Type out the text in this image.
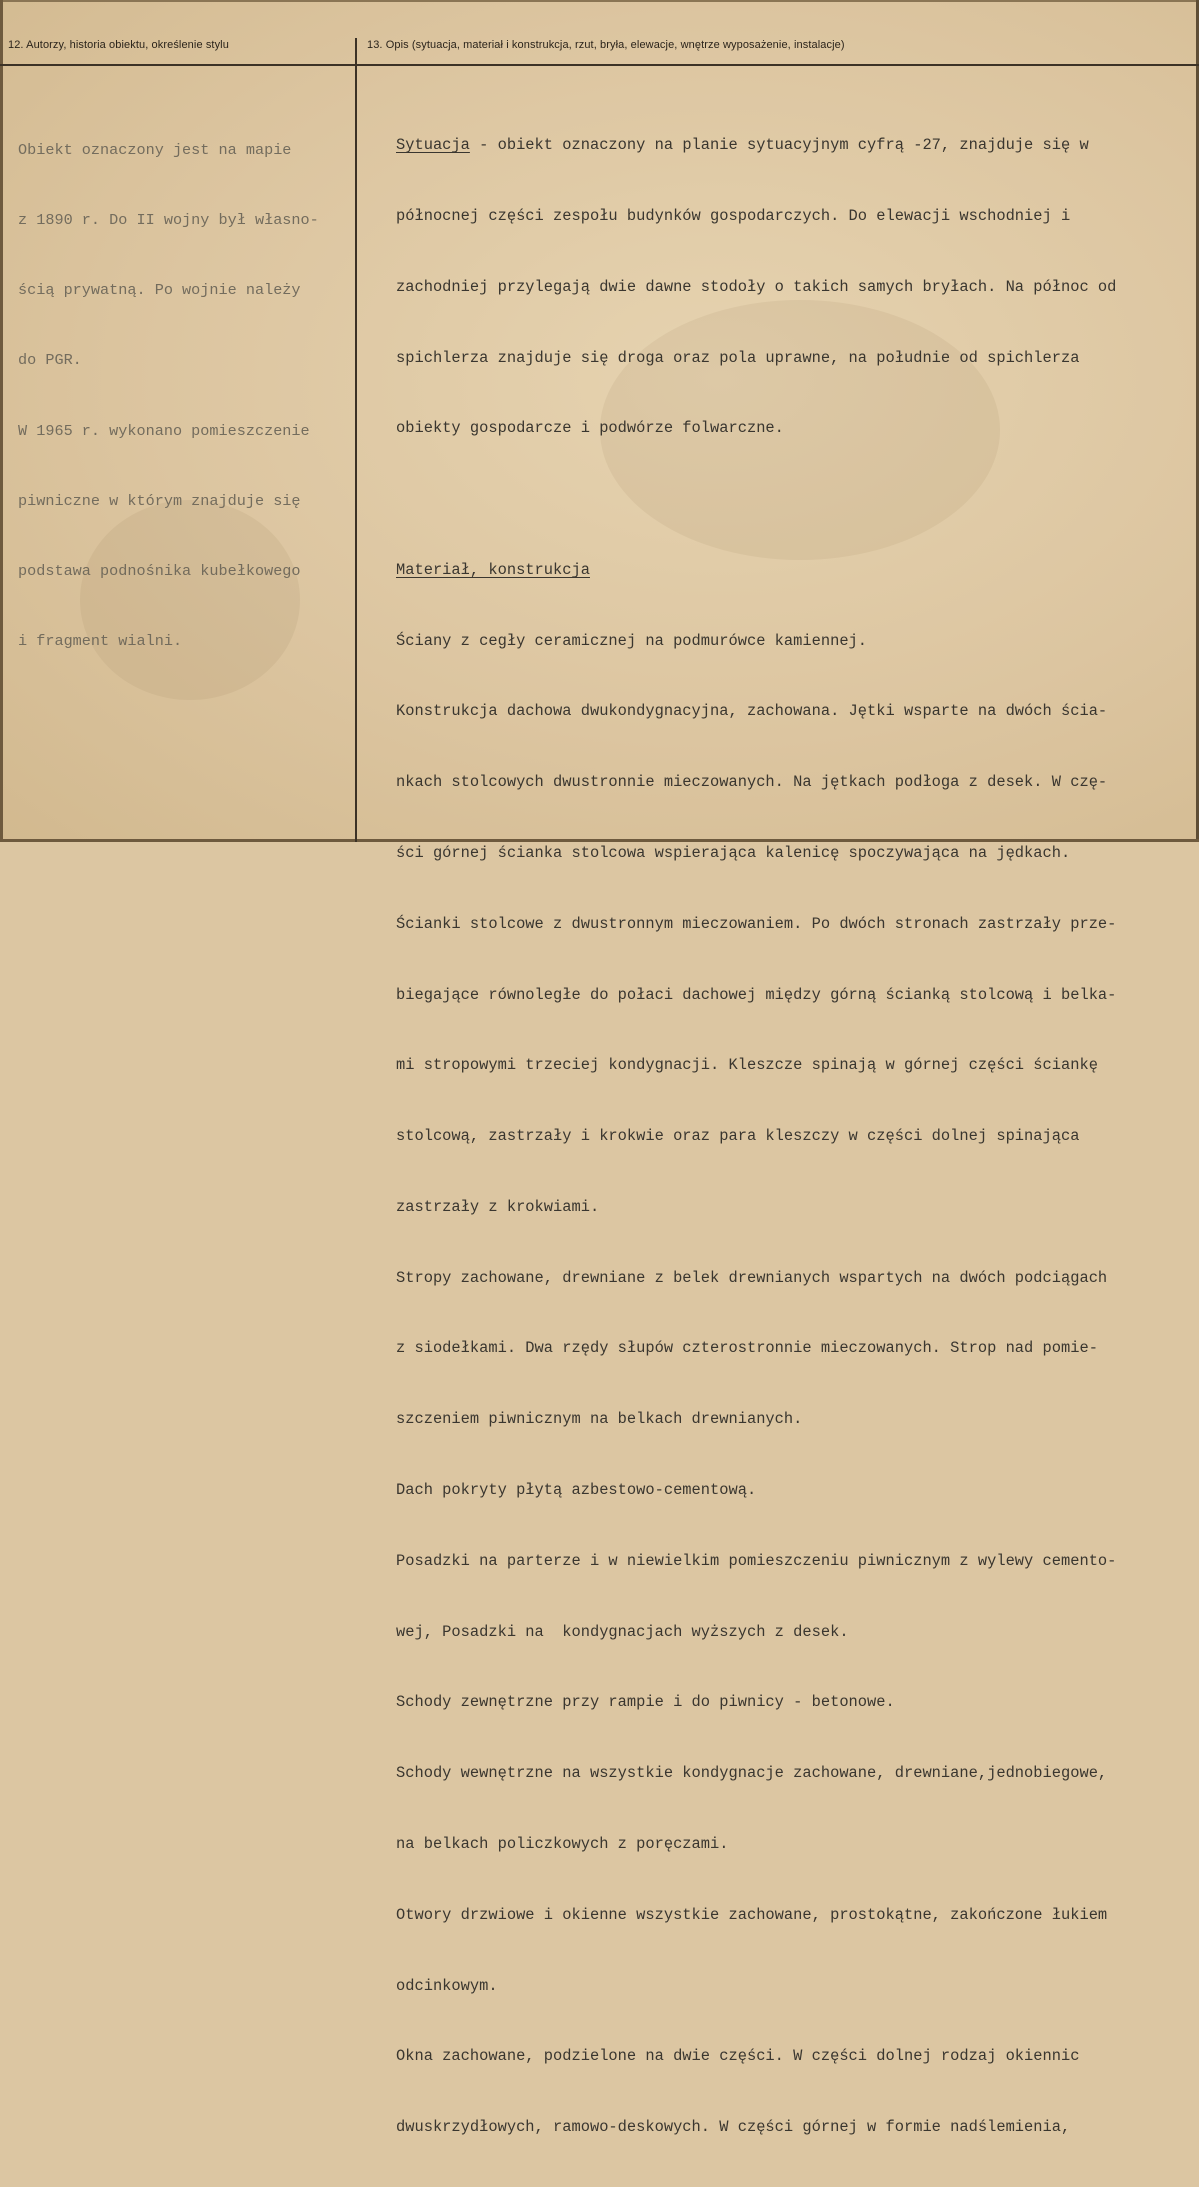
12. Autorzy, historia obiektu, określenie stylu	13. Opis (sytuacja, materiał i konstrukcja, rzut, bryła, elewacje, wnętrze wyposażenie, instalacje)

Obiekt oznaczony jest na mapie

z 1890 r. Do II wojny był własno-

ścią prywatną. Po wojnie należy

do PGR.

W 1965 r. wykonano pomieszczenie

piwniczne w którym znajduje się

podstawa podnośnika kubełkowego

i fragment wialni.

Sytuacja - obiekt oznaczony na planie sytuacyjnym cyfrą -27, znajduje się w

północnej części zespołu budynków gospodarczych. Do elewacji wschodniej i

zachodniej przylegają dwie dawne stodoły o takich samych bryłach. Na północ od

spichlerza znajduje się droga oraz pola uprawne, na południe od spichlerza

obiekty gospodarcze i podwórze folwarczne.

Materiał, konstrukcja

Ściany z cegły ceramicznej na podmurówce kamiennej.

Konstrukcja dachowa dwukondygnacyjna, zachowana. Jętki wsparte na dwóch ścia-

nkach stolcowych dwustronnie mieczowanych. Na jętkach podłoga z desek. W czę-

ści górnej ścianka stolcowa wspierająca kalenicę spoczywająca na jędkach.

Ścianki stolcowe z dwustronnym mieczowaniem. Po dwóch stronach zastrzały prze-

biegające równoległe do połaci dachowej między górną ścianką stolcową i belka-

mi stropowymi trzeciej kondygnacji. Kleszcze spinają w górnej części ściankę

stolcową, zastrzały i krokwie oraz para kleszczy w części dolnej spinająca

zastrzały z krokwiami.

Stropy zachowane, drewniane z belek drewnianych wspartych na dwóch podciągach

z siodełkami. Dwa rzędy słupów czterostronnie mieczowanych. Strop nad pomie-

szczeniem piwnicznym na belkach drewnianych.

Dach pokryty płytą azbestowo-cementową.

Posadzki na parterze i w niewielkim pomieszczeniu piwnicznym z wylewy cemento-

wej, Posadzki na  kondygnacjach wyższych z desek.

Schody zewnętrzne przy rampie i do piwnicy - betonowe.

Schody wewnętrzne na wszystkie kondygnacje zachowane, drewniane,jednobiegowe,

na belkach policzkowych z poręczami.

Otwory drzwiowe i okienne wszystkie zachowane, prostokątne, zakończone łukiem

odcinkowym.

Okna zachowane, podzielone na dwie części. W części dolnej rodzaj okiennic

dwuskrzydłowych, ramowo-deskowych. W części górnej w formie nadślemienia,
